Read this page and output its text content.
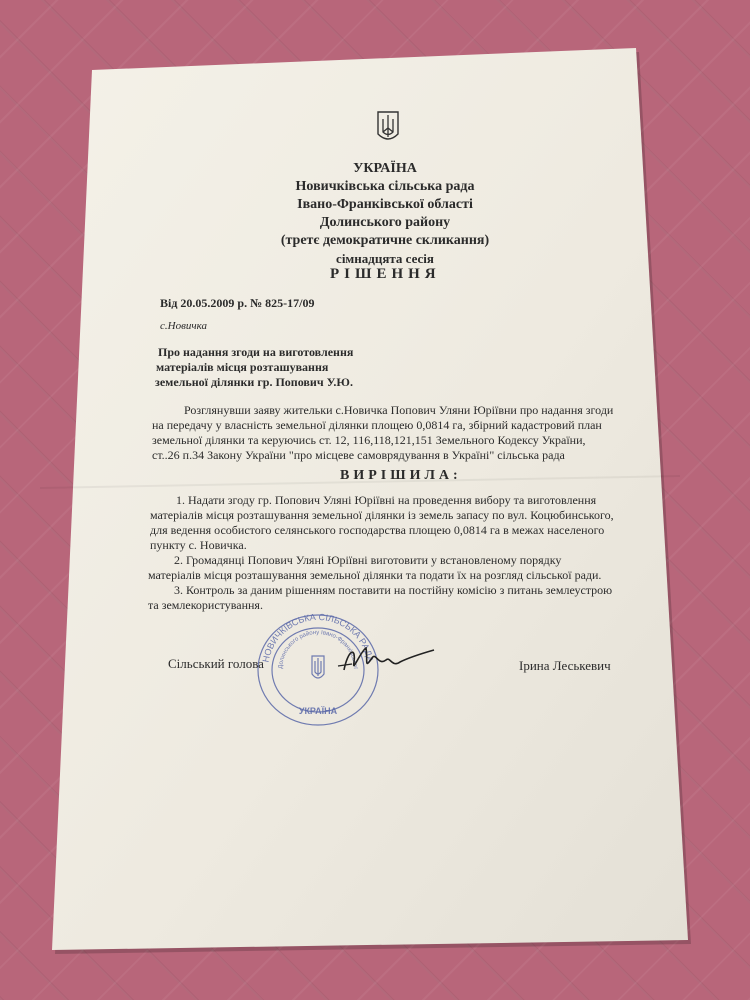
УКРАЇНА
Новичківська сільська рада
Івано-Франківської області
Долинського району
(третє демократичне скликання)
сімнадцята сесія
РІШЕННЯ
Від 20.05.2009 р. № 825-17/09
с.Новичка
Про надання згоди на виготовлення
матеріалів місця розташування
земельної ділянки гр. Попович У.Ю.
Розглянувши заяву жительки с.Новичка Попович Уляни Юріївни про надання згоди
на передачу у власність земельної ділянки площею 0,0814 га, збірний кадастровий план
земельної ділянки та керуючись ст. 12, 116,118,121,151 Земельного Кодексу України,
ст..26 п.34 Закону України "про місцеве самоврядування в Україні" сільська рада
ВИРІШИЛА:
1. Надати згоду гр. Попович Уляні Юріївні на проведення вибору та виготовлення
матеріалів місця розташування земельної ділянки із земель запасу по вул. Коцюбинського,
для ведення особистого селянського господарства площею 0,0814 га в межах населеного
пункту с. Новичка.
2. Громадянці Попович Уляні Юріївні виготовити у встановленому порядку
матеріалів місця розташування земельної ділянки та подати їх на розгляд сільської ради.
3. Контроль за даним рішенням поставити на постійну комісію з питань землеустрою
та землекористування.
НОВИЧКІВСЬКА СІЛЬСЬКА РАДА
Долинського району Івано-Франківської
УКРАЇНА
Сільський голова	Ірина Леськевич
